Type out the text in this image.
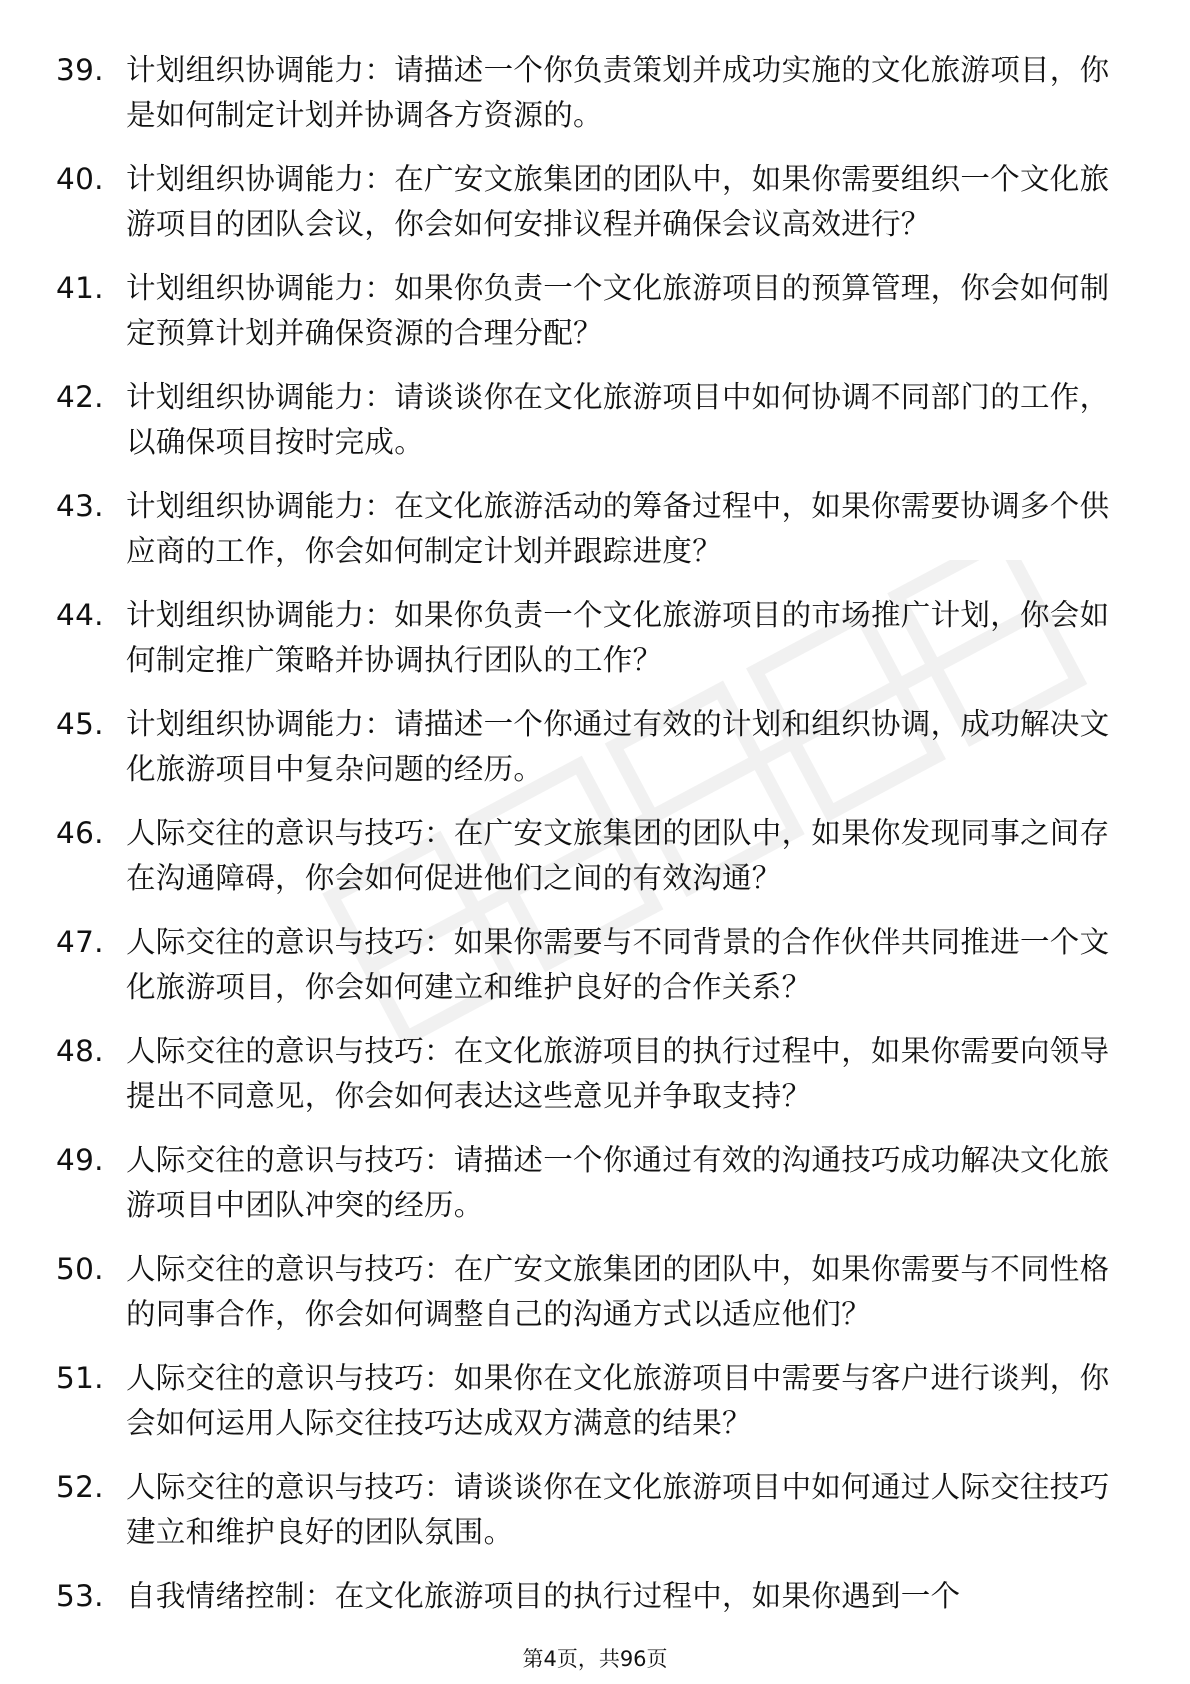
39. 计划组织协调能力：请描述一个你负责策划并成功实施的文化旅游项目，你是如何制定计划并协调各方资源的。
40. 计划组织协调能力：在广安文旅集团的团队中，如果你需要组织一个文化旅游项目的团队会议，你会如何安排议程并确保会议高效进行？
41. 计划组织协调能力：如果你负责一个文化旅游项目的预算管理，你会如何制定预算计划并确保资源的合理分配？
42. 计划组织协调能力：请谈谈你在文化旅游项目中如何协调不同部门的工作，以确保项目按时完成。
43. 计划组织协调能力：在文化旅游活动的筹备过程中，如果你需要协调多个供应商的工作，你会如何制定计划并跟踪进度？
44. 计划组织协调能力：如果你负责一个文化旅游项目的市场推广计划，你会如何制定推广策略并协调执行团队的工作？
45. 计划组织协调能力：请描述一个你通过有效的计划和组织协调，成功解决文化旅游项目中复杂问题的经历。
46. 人际交往的意识与技巧：在广安文旅集团的团队中，如果你发现同事之间存在沟通障碍，你会如何促进他们之间的有效沟通？
47. 人际交往的意识与技巧：如果你需要与不同背景的合作伙伴共同推进一个文化旅游项目，你会如何建立和维护良好的合作关系？
48. 人际交往的意识与技巧：在文化旅游项目的执行过程中，如果你需要向领导提出不同意见，你会如何表达这些意见并争取支持？
49. 人际交往的意识与技巧：请描述一个你通过有效的沟通技巧成功解决文化旅游项目中团队冲突的经历。
50. 人际交往的意识与技巧：在广安文旅集团的团队中，如果你需要与不同性格的同事合作，你会如何调整自己的沟通方式以适应他们？
51. 人际交往的意识与技巧：如果你在文化旅游项目中需要与客户进行谈判，你会如何运用人际交往技巧达成双方满意的结果？
52. 人际交往的意识与技巧：请谈谈你在文化旅游项目中如何通过人际交往技巧建立和维护良好的团队氛围。
53. 自我情绪控制：在文化旅游项目的执行过程中，如果你遇到一个
第4页，共96页
